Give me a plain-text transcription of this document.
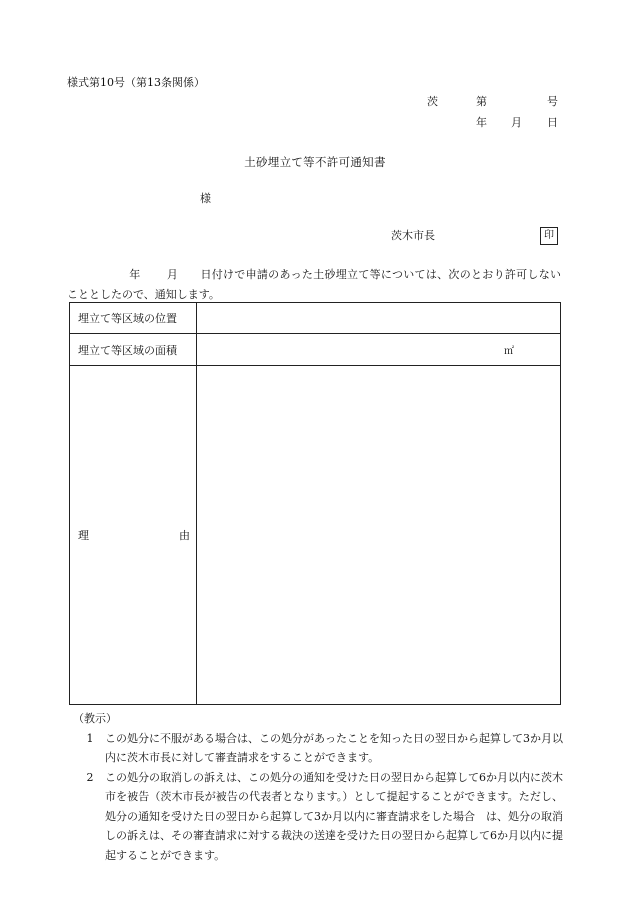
様式第10号（第13条関係）
茨	第	号
年 月 日
土砂埋立て等不許可通知書
様
茨木市長	印

年 月 日付けで申請のあった土砂埋立て等については、次のとおり許可しないこととしたので、通知します。

埋立て等区域の位置	
埋立て等区域の面積	㎡

理 由	

（教示）

1	この処分に不服がある場合は、この処分があったことを知った日の翌日から起算して3か月以内に茨木市長に対して審査請求をすることができます。
2	この処分の取消しの訴えは、この処分の通知を受けた日の翌日から起算して6か月以内に茨木市を被告（茨木市長が被告の代表者となります。）として提起することができます。ただし、処分の通知を受けた日の翌日から起算して3か月以内に審査請求をした場合　は、処分の取消しの訴えは、その審査請求に対する裁決の送達を受けた日の翌日から起算して6か月以内に提起することができます。
